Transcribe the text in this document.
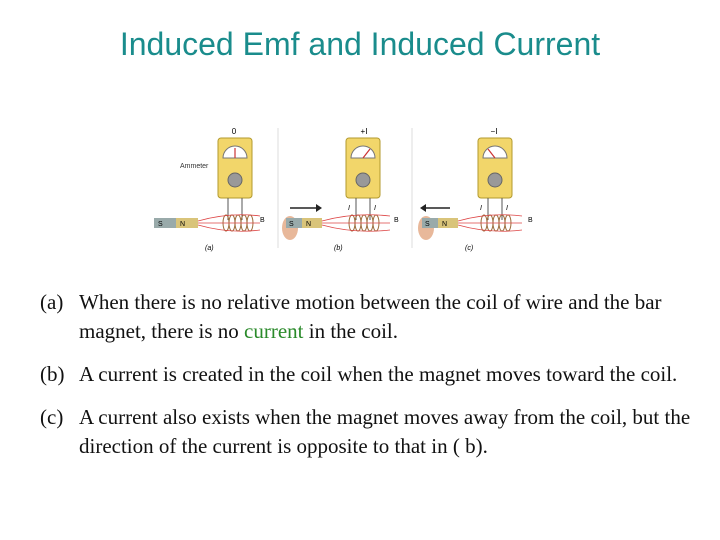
Induced Emf and Induced Current
0
Ammeter
S N
B
(a)
+I
I	I
S N
B
(b)
−I
I	I
S N
B
(c)
(a) When there is no relative motion between the coil of wire and the bar magnet, there is no current in the coil.
(b) A current is created in the coil when the magnet moves toward the coil.
(c) A current also exists when the magnet moves away from the coil, but the direction of the current is opposite to that in ( b).
